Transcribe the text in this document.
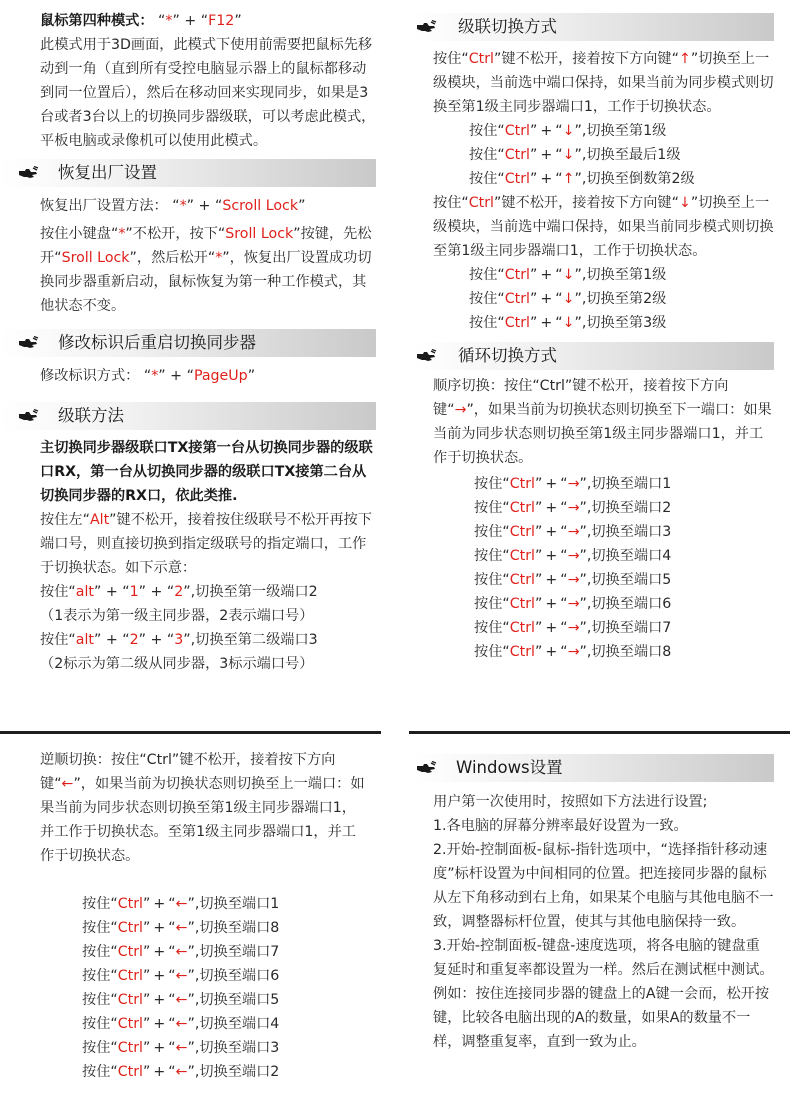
鼠标第四种模式： “*” + “F12”

此模式用于3D画面，此模式下使用前需要把鼠标先移动到一角（直到所有受控电脑显示器上的鼠标都移动到同一位置后），然后在移动回来实现同步，如果是3台或者3台以上的切换同步器级联，可以考虑此模式，平板电脑或录像机可以使用此模式。

恢复出厂设置

恢复出厂设置方法： “*” + “Scroll Lock”

按住小键盘“*”不松开，按下“Sroll Lock”按键，先松开“Sroll Lock”，然后松开“*”，恢复出厂设置成功切换同步器重新启动，鼠标恢复为第一种工作模式，其他状态不变。

修改标识后重启切换同步器

修改标识方式： “*” + “PageUp”

级联方法

主切换同步器级联口TX接第一台从切换同步器的级联口RX，第一台从切换同步器的级联口TX接第二台从切换同步器的RX口，依此类推.

按住左“Alt”键不松开，接着按住级联号不松开再按下端口号，则直接切换到指定级联号的指定端口，工作于切换状态。如下示意：

按住“alt” + “1” + “2”,切换至第一级端口2

（1表示为第一级主同步器，2表示端口号）

按住“alt” + “2” + “3”,切换至第二级端口3

（2标示为第二级从同步器，3标示端口号）

级联切换方式

按住“Ctrl”键不松开，接着按下方向键“↑”切换至上一级模块，当前选中端口保持，如果当前为同步模式则切换至第1级主同步器端口1，工作于切换状态。

按住“Ctrl” + “↓”,切换至第1级

按住“Ctrl” + “↓”,切换至最后1级

按住“Ctrl” + “↑”,切换至倒数第2级

按住“Ctrl”键不松开，接着按下方向键“↓”切换至上一级模块，当前选中端口保持，如果当前同步模式则切换至第1级主同步器端口1，工作于切换状态。

按住“Ctrl” + “↓”,切换至第1级

按住“Ctrl” + “↓”,切换至第2级

按住“Ctrl” + “↓”,切换至第3级

循环切换方式

顺序切换：按住“Ctrl”键不松开，接着按下方向键“→”，如果当前为切换状态则切换至下一端口：如果当前为同步状态则切换至第1级主同步器端口1，并工作于切换状态。

按住“Ctrl” + “→”,切换至端口1

按住“Ctrl” + “→”,切换至端口2

按住“Ctrl” + “→”,切换至端口3

按住“Ctrl” + “→”,切换至端口4

按住“Ctrl” + “→”,切换至端口5

按住“Ctrl” + “→”,切换至端口6

按住“Ctrl” + “→”,切换至端口7

按住“Ctrl” + “→”,切换至端口8

逆顺切换：按住“Ctrl”键不松开，接着按下方向键“←”，如果当前为切换状态则切换至上一端口：如果当前为同步状态则切换至第1级主同步器端口1，并工作于切换状态。至第1级主同步器端口1，并工作于切换状态。

按住“Ctrl” + “←”,切换至端口1

按住“Ctrl” + “←”,切换至端口8

按住“Ctrl” + “←”,切换至端口7

按住“Ctrl” + “←”,切换至端口6

按住“Ctrl” + “←”,切换至端口5

按住“Ctrl” + “←”,切换至端口4

按住“Ctrl” + “←”,切换至端口3

按住“Ctrl” + “←”,切换至端口2

Windows设置

用户第一次使用时，按照如下方法进行设置;

1.各电脑的屏幕分辨率最好设置为一致。

2.开始-控制面板-鼠标-指针选项中，“选择指针移动速度”标杆设置为中间相同的位置。把连接同步器的鼠标从左下角移动到右上角，如果某个电脑与其他电脑不一致，调整器标杆位置，使其与其他电脑保持一致。

3.开始-控制面板-键盘-速度选项，将各电脑的键盘重复延时和重复率都设置为一样。然后在测试框中测试。例如：按住连接同步器的键盘上的A键一会而，松开按键，比较各电脑出现的A的数量，如果A的数量不一样，调整重复率，直到一致为止。
